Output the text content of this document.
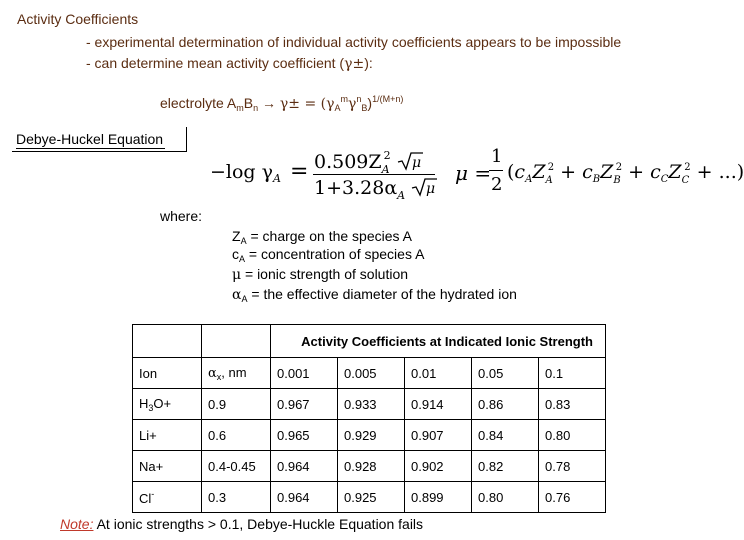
Activity Coefficients
- experimental determination of individual activity coefficients appears to be impossible
- can determine mean activity coefficient (γ±):
electrolyte $A_mB_n \to \gamma\pm = (\gamma_A^m\gamma^n_B)^{1/(M+n)}$
Debye-Huckel Equation
−log $\gamma_A = 0.509Z_A^2$ μ
$1+3.28\alpha_A$ μ
μ =
1
2
($c_AZA2 + c_BZB2 + c_CZC2$ + ...)
where:
$Z_A$ = charge on the species A
$c_A$ = concentration of species A
μ = ionic strength of solution
$\alpha_A$ = the effective diameter of the hydrated ion
		Activity Coefficients at Indicated Ionic Strength				
Ion	$\alpha_x$, nm	0.001	0.005	0.01	0.05	0.1
$H_3O+$	0.9	0.967	0.933	0.914	0.86	0.83
Li+	0.6	0.965	0.929	0.907	0.84	0.80
Na+	0.4-0.45	0.964	0.928	0.902	0.82	0.78
Cl-	0.3	0.964	0.925	0.899	0.80	0.76
Note: At ionic strengths > 0.1, Debye-Huckle Equation fails
